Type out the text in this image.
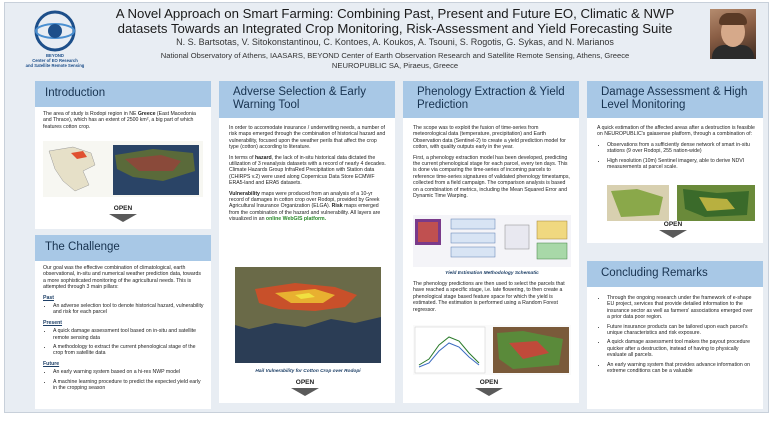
BEYOND
Center of EO Research
and Satellite Remote Sensing
A Novel Approach on Smart Farming: Combining Past, Present and Future EO, Climatic & NWP datasets Towards an Integrated Crop Monitoring, Risk-Assessment and Yield Forecasting Suite
N. S. Bartsotas, V. Sitokonstantinou, C. Kontoes, A. Koukos, A. Tsouni, S. Rogotis, G. Sykas, and N. Marianos
National Observatory of Athens, IAASARS, BEYOND Center of Earth Observation Research and Satellite Remote Sensing, Athens, Greece
NEUROPUBLIC SA, Piraeus, Greece
Introduction
The area of study is Rodopi region in NE Greece (East Macedonia and Thrace), which has an extent of 2500 km², a big part of which features cotton crop.
OPEN
The Challenge

Our goal was the effective combination of climatological, earth observational, in-situ and numerical weather prediction data, towards a more sophisticated monitoring of the agricultural needs. This is attempted through 3 main pillars:

Past
• An adverse selection tool to denote historical hazard, vulnerability and risk for each parcel
Present
• A quick damage assessment tool based on in-situ and satellite remote sensing data
• A methodology to extract the current phenological stage of the crop from satellite data
Future
• An early warning system based on a hi-res NWP model
• A machine learning procedure to predict the expected yield early in the cropping season
Adverse Selection & Early Warning Tool

In order to accomodate insurance / underwriting needs, a number of risk maps emerged through the combination of historical hazard and vulnerability, focused upon the weather perils that affect the crop type (cotton) according to literature.

In terms of hazard, the lack of in-situ historical data dictated the utilization of 3 reanalysis datasets with a record of nearly 4 decades. Climate Hazards Group InfraRed Precipitation with Station data (CHIRPS v.2) were used along Copernicus Data Store ECMWF ERA5-land and ERA5 datasets.

Vulnerability maps were produced from an analysis of a 10-yr record of damages in cotton crop over Rodopi, provided by Greek Agricultural Insurance Organization (ELGA). Risk maps emerged from the combination of the hazard and vulnerability. All layers are visualized in an online WebGIS platform.

Hail Vulnerability for Cotton Crop over Rodopi
OPEN
Phenology Extraction & Yield Prediction

The scope was to exploit the fusion of time-series from meteorological data (temperature, precipitation) and Earth Observation data (Sentinel-2) to create a yield prediction model for cotton, with quality outputs early in the year.

First, a phenology extraction model has been developed, predicting the current phenological stage for each parcel, every ten days. This is done via comparing the time-series of incoming parcels to reference time-series signatures of validated phenology timestamps, collected from a field campaign. The comparison analysis is based on a combination of metrics, including the Mean Squared Error and Dynamic Time Warping.

Yield Estimation Methodology Schematic
The phenology predictions are then used to select the parcels that have reached a specific stage, i.e. late flowering, to then create a phenological stage based feature space for which the yield is estimated. The estimation is performed using a Random Forest regressor.
OPEN
Damage Assessment & High Level Monitoring

A quick estimation of the affected areas after a destruction is feasible on NEUROPUBLIC's gaiasense platform, through a combination of:

• Observations from a sufficiently dense network of smart in-situ stations (9 over Rodopi, 255 nation-wide)
• High resolution (10m) Sentinel imagery, able to derive NDVI measurements at parcel scale.
OPEN
Concluding Remarks
• Through the ongoing research under the framework of e-shape EU project, services that provide detailed information to the insurance sector as well as farmers' associations emerged over a prior data poor region.
• Future insurance products can be tailored upon each parcel's unique characteristics and risk exposure.
• A quick damage assessment tool makes the payout procedure quicker after a destruction, instead of having to physically evaluate all parcels.
• An early warning system that provides advance information on extreme conditions can be a valuable
